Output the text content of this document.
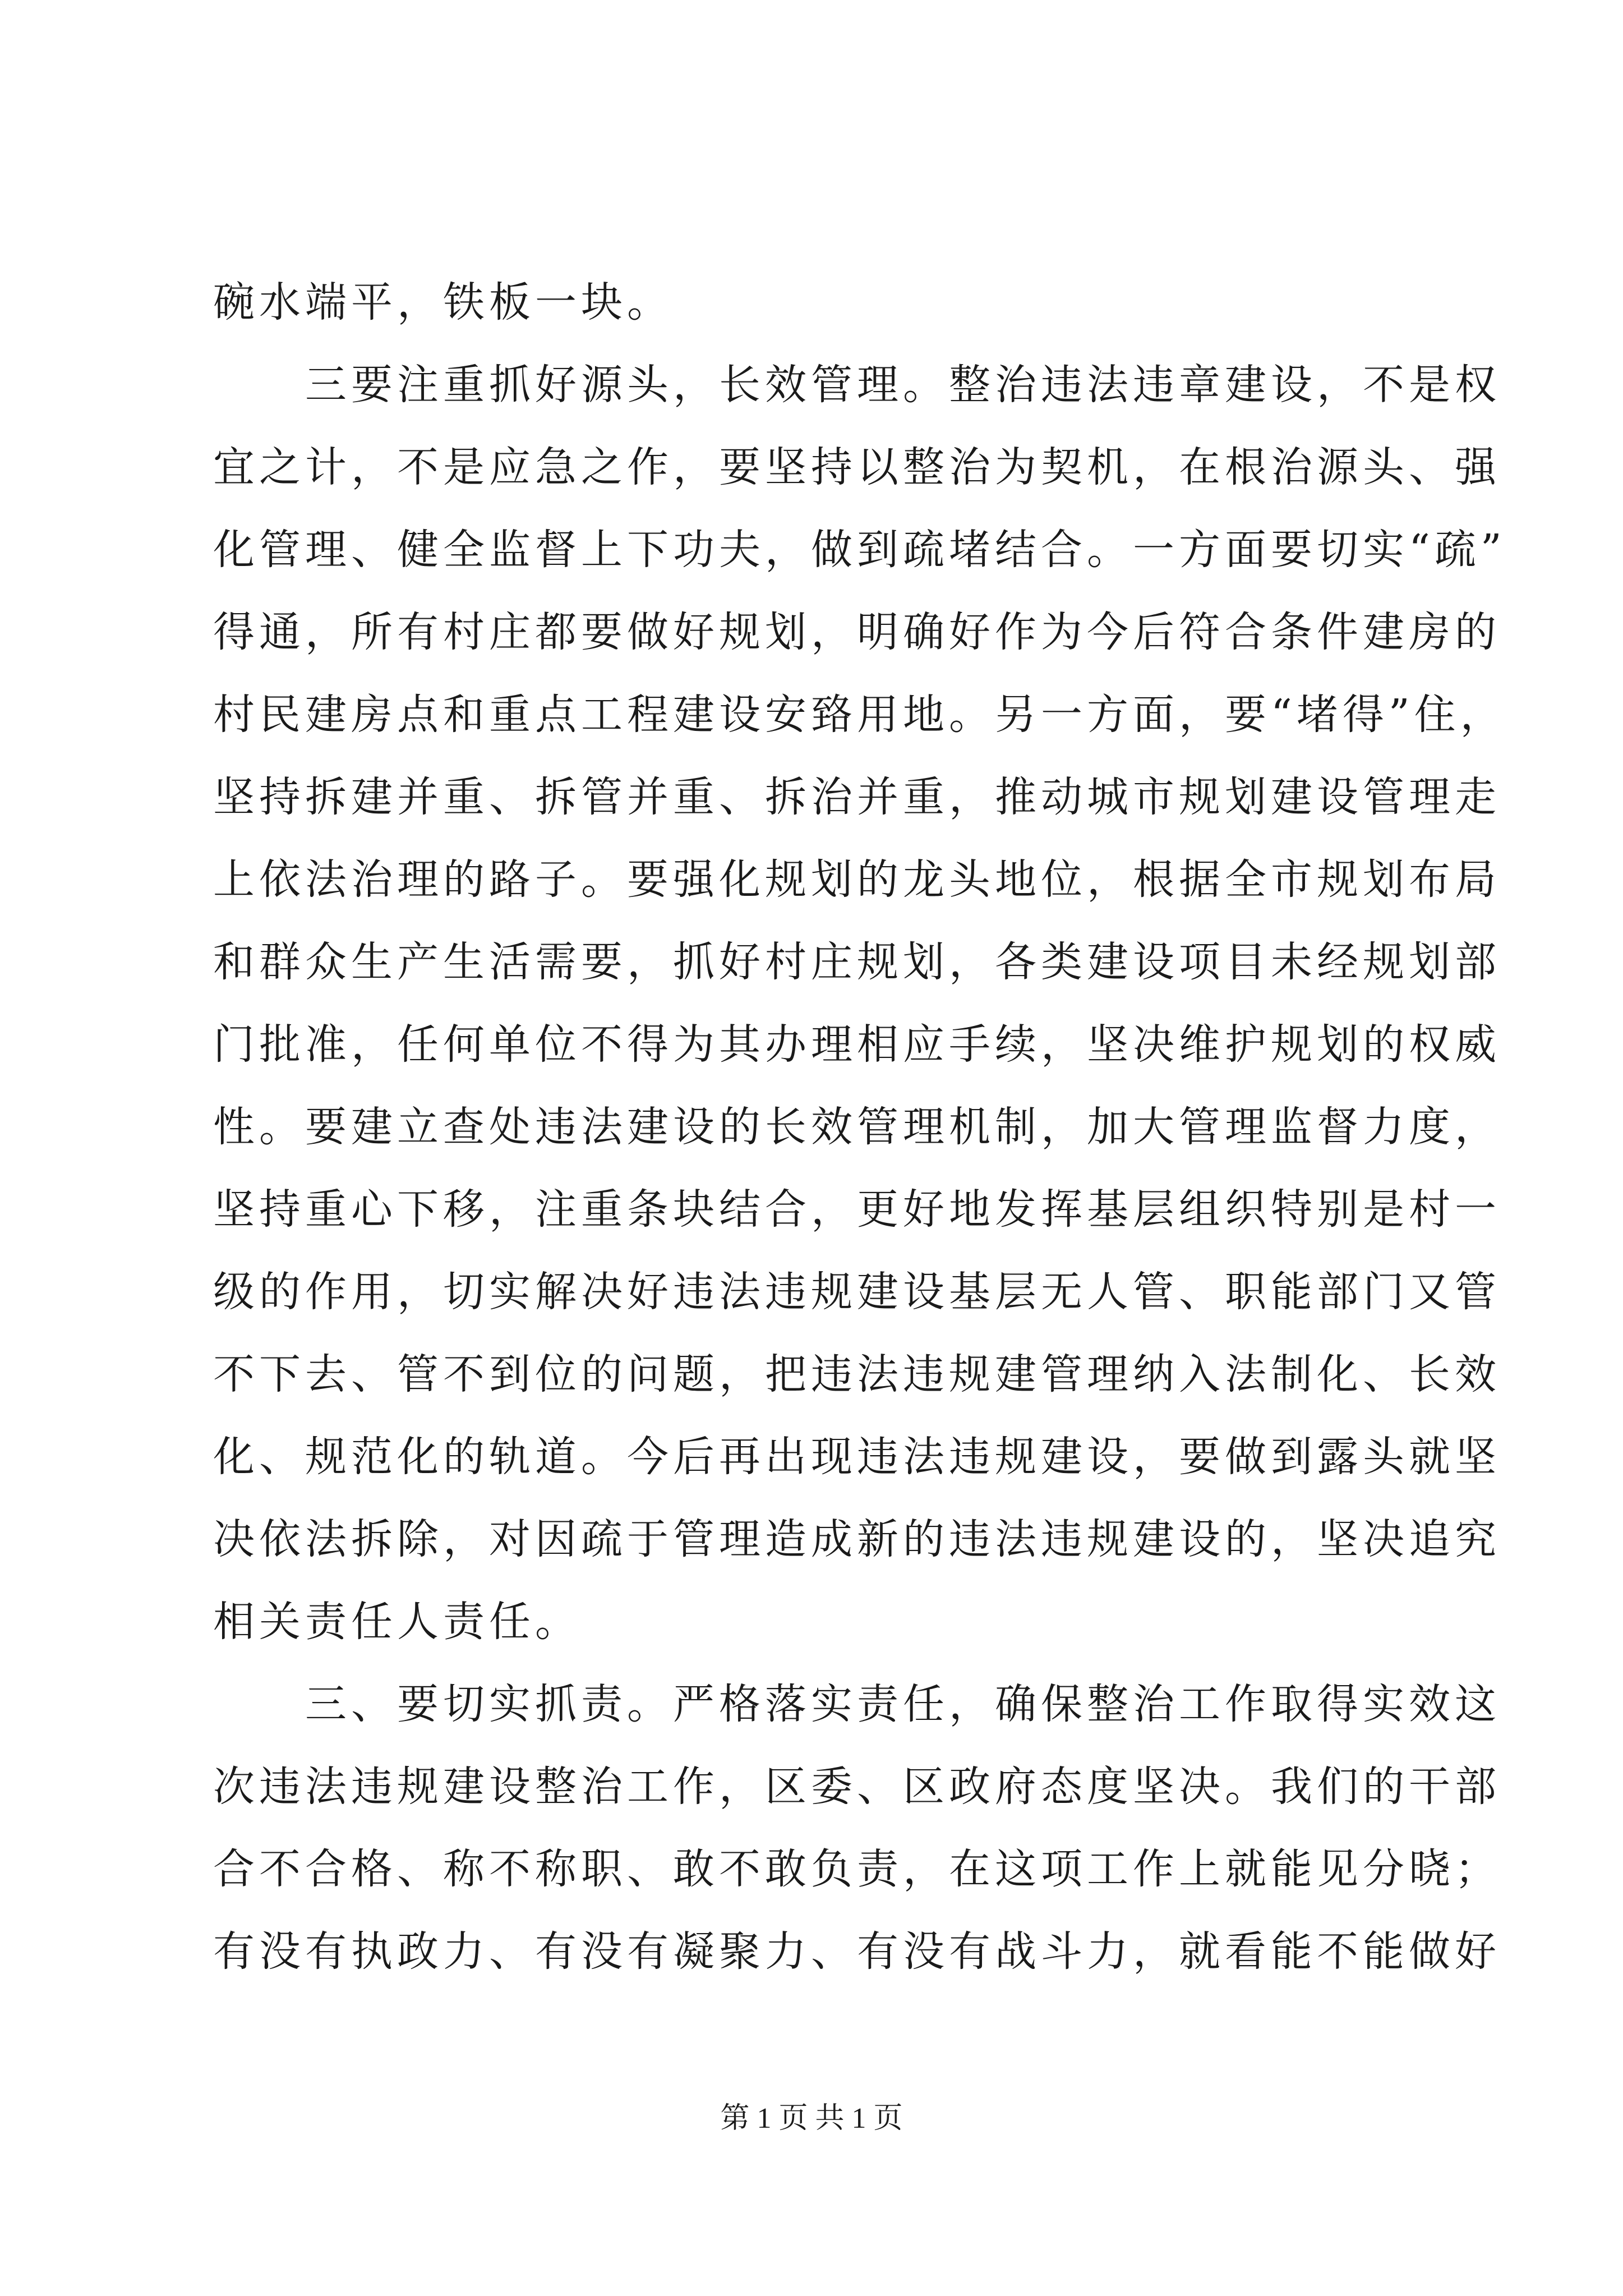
碗水端平，铁板一块。
三要注重抓好源头，长效管理。整治违法违章建设，不是权
宜之计，不是应急之作，要坚持以整治为契机，在根治源头、强
化管理、健全监督上下功夫，做到疏堵结合。一方面要切实“疏”
得通，所有村庄都要做好规划，明确好作为今后符合条件建房的
村民建房点和重点工程建设安臵用地。另一方面，要“堵得”住，
坚持拆建并重、拆管并重、拆治并重，推动城市规划建设管理走
上依法治理的路子。要强化规划的龙头地位，根据全市规划布局
和群众生产生活需要，抓好村庄规划，各类建设项目未经规划部
门批准，任何单位不得为其办理相应手续，坚决维护规划的权威
性。要建立查处违法建设的长效管理机制，加大管理监督力度，
坚持重心下移，注重条块结合，更好地发挥基层组织特别是村一
级的作用，切实解决好违法违规建设基层无人管、职能部门又管
不下去、管不到位的问题，把违法违规建管理纳入法制化、长效
化、规范化的轨道。今后再出现违法违规建设，要做到露头就坚
决依法拆除，对因疏于管理造成新的违法违规建设的，坚决追究
相关责任人责任。
三、要切实抓责。严格落实责任，确保整治工作取得实效这
次违法违规建设整治工作，区委、区政府态度坚决。我们的干部
合不合格、称不称职、敢不敢负责，在这项工作上就能见分晓；
有没有执政力、有没有凝聚力、有没有战斗力，就看能不能做好
第 1 页 共 1 页
